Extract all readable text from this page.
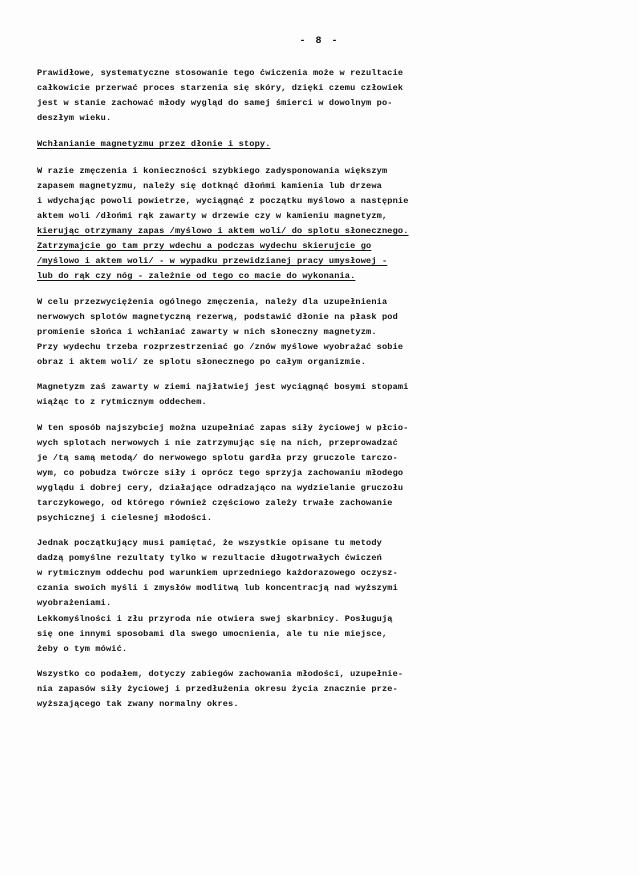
- 8 -
Prawidłowe, systematyczne stosowanie tego ćwiczenia może w rezultacie
całkowicie przerwać proces starzenia się skóry, dzięki czemu człowiek
jest w stanie zachować młody wygląd do samej śmierci w dowolnym po-
deszłym wieku.
Wchłanianie magnetyzmu przez dłonie i stopy.
W razie zmęczenia i konieczności szybkiego zadysponowania większym
zapasem magnetyzmu, należy się dotknąć dłońmi kamienia lub drzewa
i wdychając powoli powietrze, wyciągnąć z początku myślowo a następnie
aktem woli /dłońmi rąk zawarty w drzewie czy w kamieniu magnetyzm,
kierując otrzymany zapas /myślowo i aktem woli/ do splotu słonecznego.
Zatrzymajcie go tam przy wdechu a podczas wydechu skierujcie go
/myślowo i aktem woli/ - w wypadku przewidzianej pracy umysłowej -
lub do rąk czy nóg - zależnie od tego co macie do wykonania.
W celu przezwyciężenia ogólnego zmęczenia, należy dla uzupełnienia
nerwowych splotów magnetyczną rezerwą, podstawić dłonie na płask pod
promienie słońca i wchłaniać zawarty w nich słoneczny magnetyzm.
Przy wydechu trzeba rozprzestrzeniać go /znów myślowe wyobrażać sobie
obraz i aktem woli/ ze splotu słonecznego po całym organizmie.
Magnetyzm zaś zawarty w ziemi najłatwiej jest wyciągnąć bosymi stopami
wiążąc to z rytmicznym oddechem.
W ten sposób najszybciej można uzupełniać zapas siły życiowej w płcio-
wych splotach nerwowych i nie zatrzymując się na nich, przeprowadzać
je /tą samą metodą/ do nerwowego splotu gardła przy gruczole tarczo-
wym, co pobudza twórcze siły i oprócz tego sprzyja zachowaniu młodego
wyglądu i dobrej cery, działające odradzająco na wydzielanie gruczołu
tarczykowego, od którego również częściowo zależy trwałe zachowanie
psychicznej i cielesnej młodości.
Jednak początkujący musi pamiętać, że wszystkie opisane tu metody
dadzą pomyślne rezultaty tylko w rezultacie długotrwałych ćwiczeń
w rytmicznym oddechu pod warunkiem uprzedniego każdorazowego oczysz-
czania swoich myśli i zmysłów modlitwą lub koncentracją nad wyższymi
wyobrażeniami.
Lekkomyślności i złu przyroda nie otwiera swej skarbnicy. Posługują
się one innymi sposobami dla swego umocnienia, ale tu nie miejsce,
żeby o tym mówić.
Wszystko co podałem, dotyczy zabiegów zachowania młodości, uzupełnie-
nia zapasów siły życiowej i przedłużenia okresu życia znacznie prze-
wyższającego tak zwany normalny okres.
